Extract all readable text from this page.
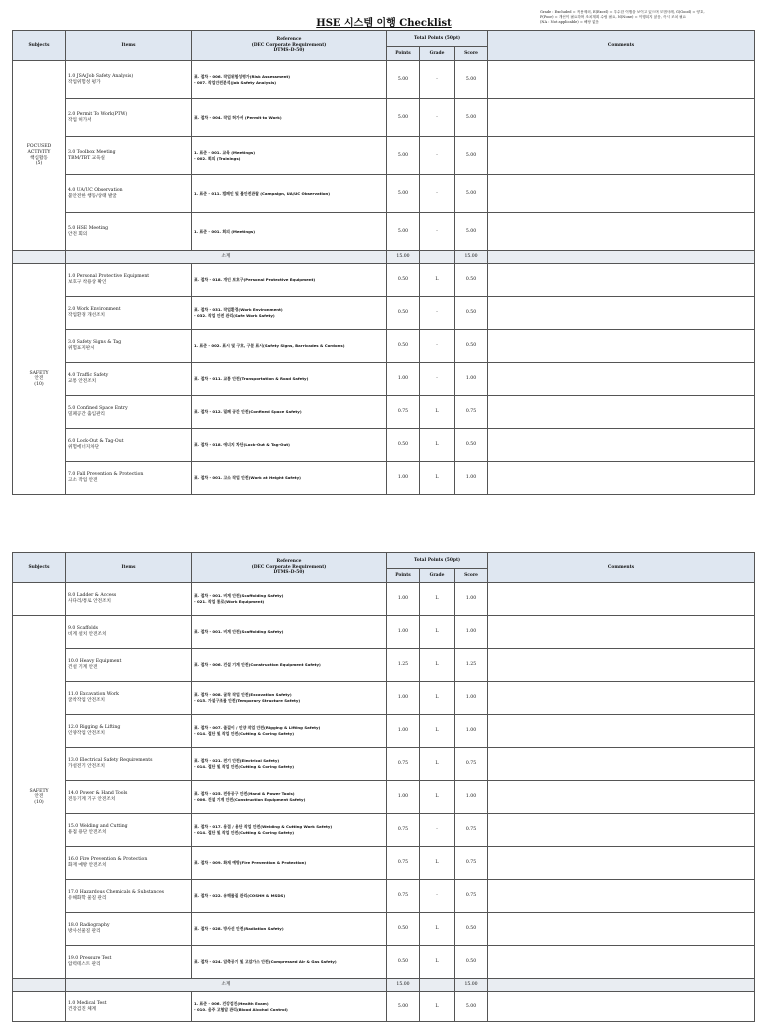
HSE 시스템 이행 Checklist
Grade : Excluded = 적용제외, E(Excel) = 우수한 이행을 보이고 있으며 모범사례, G(Good) = 양호,
P(Poor) = 개선이 필요하며 조치계획 수립 필요, N(None) = 이행되지 않음, 즉시 조치 필요
(NA : Not applicable) = 해당 없음
Subjects	Items	Reference
(DEC Corporate Requirement)
DTMS-D-50)	Total Points (50pt)			Comments
			Points	Grade	Score	
FOCUSED
ACTIVITY
핵심활동
(5)	1.0 JSA(Job Safety Analysis)
작업위험성 평가	표. 절차 - 006. 작업위험성평가(Risk Assessment)
- 007. 작업안전분석(Job Safety Analysis)	5.00	-	5.00	
	2.0 Permit To Work(PTW)
작업 허가서	표. 절차 - 004. 작업 허가서 (Permit to Work)	5.00	-	5.00	
	3.0 Toolbox Meeting
TBM/TBT 교육실	1. 표준 - 001. 교육 (Meetings)
- 002. 회의 (Trainings)	5.00	-	5.00	
	4.0 UA/UC Observation
불안전한 행동/상태 발굴	1. 표준 - 011. 캠페인 및 불안전관찰 (Campaign, UA/UC Observation)	5.00	-	5.00	
	5.0 HSE Meeting
안전 회의	1. 표준 - 001. 회의 (Meetings)	5.00	-	5.00	
	소계		15.00		15.00	
SAFETY
안전
(10)	1.0 Personal Protective Equipment
보호구 착용상 확인	표. 절차 - 018. 개인 보호구(Personal Protective Equipment)	0.50	L	0.50	
	2.0 Work Environment
작업환경 개선조치	표. 절차 - 031. 작업환경(Work Environment)
- 032. 작업 안전 관리(Safe Work Safety)	0.50	-	0.50	
	3.0 Safety Signs & Tag
위험표지판시	1. 표준 - 002. 표시 및 구호, 구분 표시(Safety Signs, Barricades & Cordons)	0.50	-	0.50	
	4.0 Traffic Safety
교통 안전조치	표. 절차 - 011. 교통 안전(Transportation & Road Safety)	1.00	-	1.00	
	5.0 Confined Space Entry
밀폐공간 출입관리	표. 절차 - 012. 밀폐 공간 안전(Confined Space Safety)	0.75	L	0.75	
	6.0 Lock-Out & Tag-Out
위험에너지차단	표. 절차 - 018. 에너지 차단(Lock-Out & Tag-Out)	0.50	L	0.50	
	7.0 Fall Prevention & Protection
고소 작업 안전	표. 절차 - 001. 고소 작업 안전(Work at Height Safety)	1.00	L	1.00	
Subjects	Items	Reference
(DEC Corporate Requirement)
DTMS-D-50)	Total Points (50pt)			Comments
			Points	Grade	Score	
	8.0 Ladder & Access
사다리/통로 안전조치	표. 절차 - 001. 비계 안전(Scaffolding Safety)
- 021. 작업 통로(Work Equipment)	1.00	L	1.00	
SAFETY
안전
(10)	9.0 Scaffolds
비계 설치 안전조치	표. 절차 - 001. 비계 안전(Scaffolding Safety)	1.00	L	1.00	
	10.0 Heavy Equipment
건설 기계 안전	표. 절차 - 006. 건설 기계 안전(Construction Equipment Safety)	1.25	L	1.25	
	11.0 Excavation Work
굴착작업 안전조치	표. 절차 - 008. 굴착 작업 안전(Excavation Safety)
- 015. 가설구조물 안전(Temporary Structure Safety)	1.00	L	1.00	
	12.0 Rigging & Lifting
인양작업 안전조치	표. 절차 - 007. 줄걸이 / 인양 작업 안전(Rigging & Lifting Safety)
- 014. 절단 및 작업 안전(Cutting & Coring Safety)	1.00	L	1.00	
	13.0 Electrical Safety Requirements
가설전기 안전조치	표. 절차 - 021. 전기 안전(Electrical Safety)
- 014. 절단 및 작업 안전(Cutting & Coring Safety)	0.75	L	0.75	
	14.0 Power & Hand Tools
전동기계 기구 안전조치	표. 절차 - 025. 전동공구 안전(Hand & Power Tools)
- 006. 건설 기계 안전(Construction Equipment Safety)	1.00	L	1.00	
	15.0 Welding and Cutting
용접 용단 안전조치	표. 절차 - 017. 용접 / 용단 작업 안전(Welding & Cutting Work Safety)
- 014. 절단 및 작업 안전(Cutting & Coring Safety)	0.75	-	0.75	
	16.0 Fire Prevention & Protection
화재 예방 안전조치	표. 절차 - 009. 화재 예방(Fire Prevention & Protection)	0.75	L	0.75	
	17.0 Hazardous Chemicals & Substances
유해화학 물질 관리	표. 절차 - 022. 유해물질 관리(COSHH & MSDS)	0.75	-	0.75	
	18.0 Radiography
방사선물질 관리	표. 절차 - 028. 방사선 안전(Radiation Safety)	0.50	L	0.50	
	19.0 Pressure Test
압력테스트 관리	표. 절차 - 024. 압축공기 및 고압가스 안전(Compressed Air & Gas Safety)	0.50	L	0.50	
	소계		15.00		15.00	
	1.0 Medical Test
건강검진 체계	1. 표준 - 006. 건강검진(Health Exam)
- 010. 음주 고혈압 관리(Blood Alcohol Control)	5.00	L	5.00	
